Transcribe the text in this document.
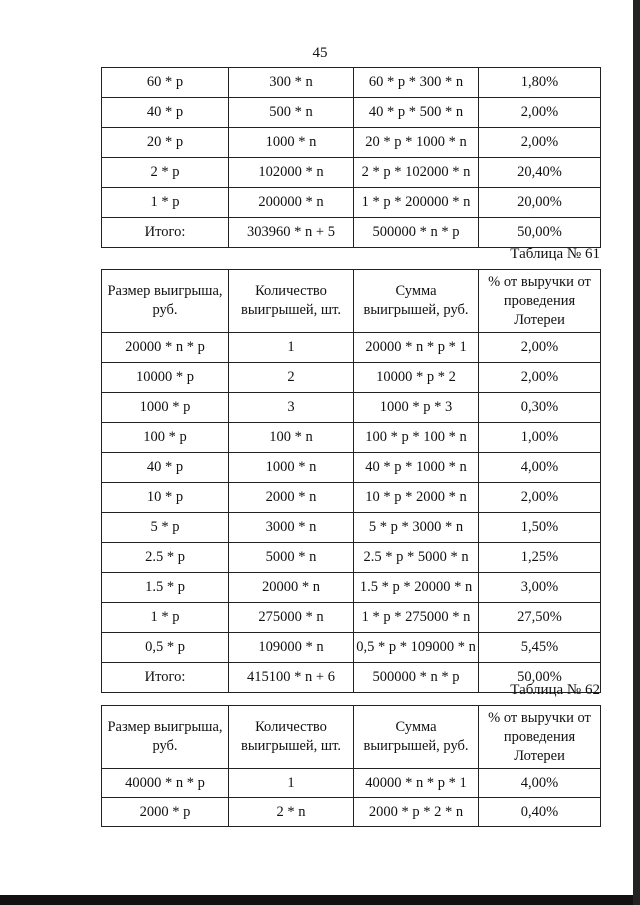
45
60 * р	300 * n	60 * р * 300 * n	1,80%
40 * р	500 * n	40 * р * 500 * n	2,00%
20 * р	1000 * n	20 * р * 1000 * n	2,00%
2 * р	102000 * n	2 * р * 102000 * n	20,40%
1 * р	200000 * n	1 * р * 200000 * n	20,00%
Итого:	303960 * n + 5	500000 * n * р	50,00%
Таблица № 61
Размер выигрыша, руб.	Количество выигрышей, шт.	Сумма выигрышей, руб.	% от выручки от проведения Лотереи
20000 * n * р	1	20000 * n * р * 1	2,00%
10000 * р	2	10000 * р * 2	2,00%
1000 * р	3	1000 * р * 3	0,30%
100 * р	100 * n	100 * р * 100 * n	1,00%
40 * р	1000 * n	40 * р * 1000 * n	4,00%
10 * р	2000 * n	10 * р * 2000 * n	2,00%
5 * р	3000 * n	5 * р * 3000 * n	1,50%
2.5 * р	5000 * n	2.5 * р * 5000 * n	1,25%
1.5 * р	20000 * n	1.5 * р * 20000 * n	3,00%
1 * р	275000 * n	1 * р * 275000 * n	27,50%
0,5 * р	109000 * n	0,5 * р * 109000 * n	5,45%
Итого:	415100 * n + 6	500000 * n * р	50,00%
Таблица № 62
Размер выигрыша, руб.	Количество выигрышей, шт.	Сумма выигрышей, руб.	% от выручки от проведения Лотереи
40000 * n * р	1	40000 * n * р * 1	4,00%
2000 * р	2 * n	2000 * р * 2 * n	0,40%
